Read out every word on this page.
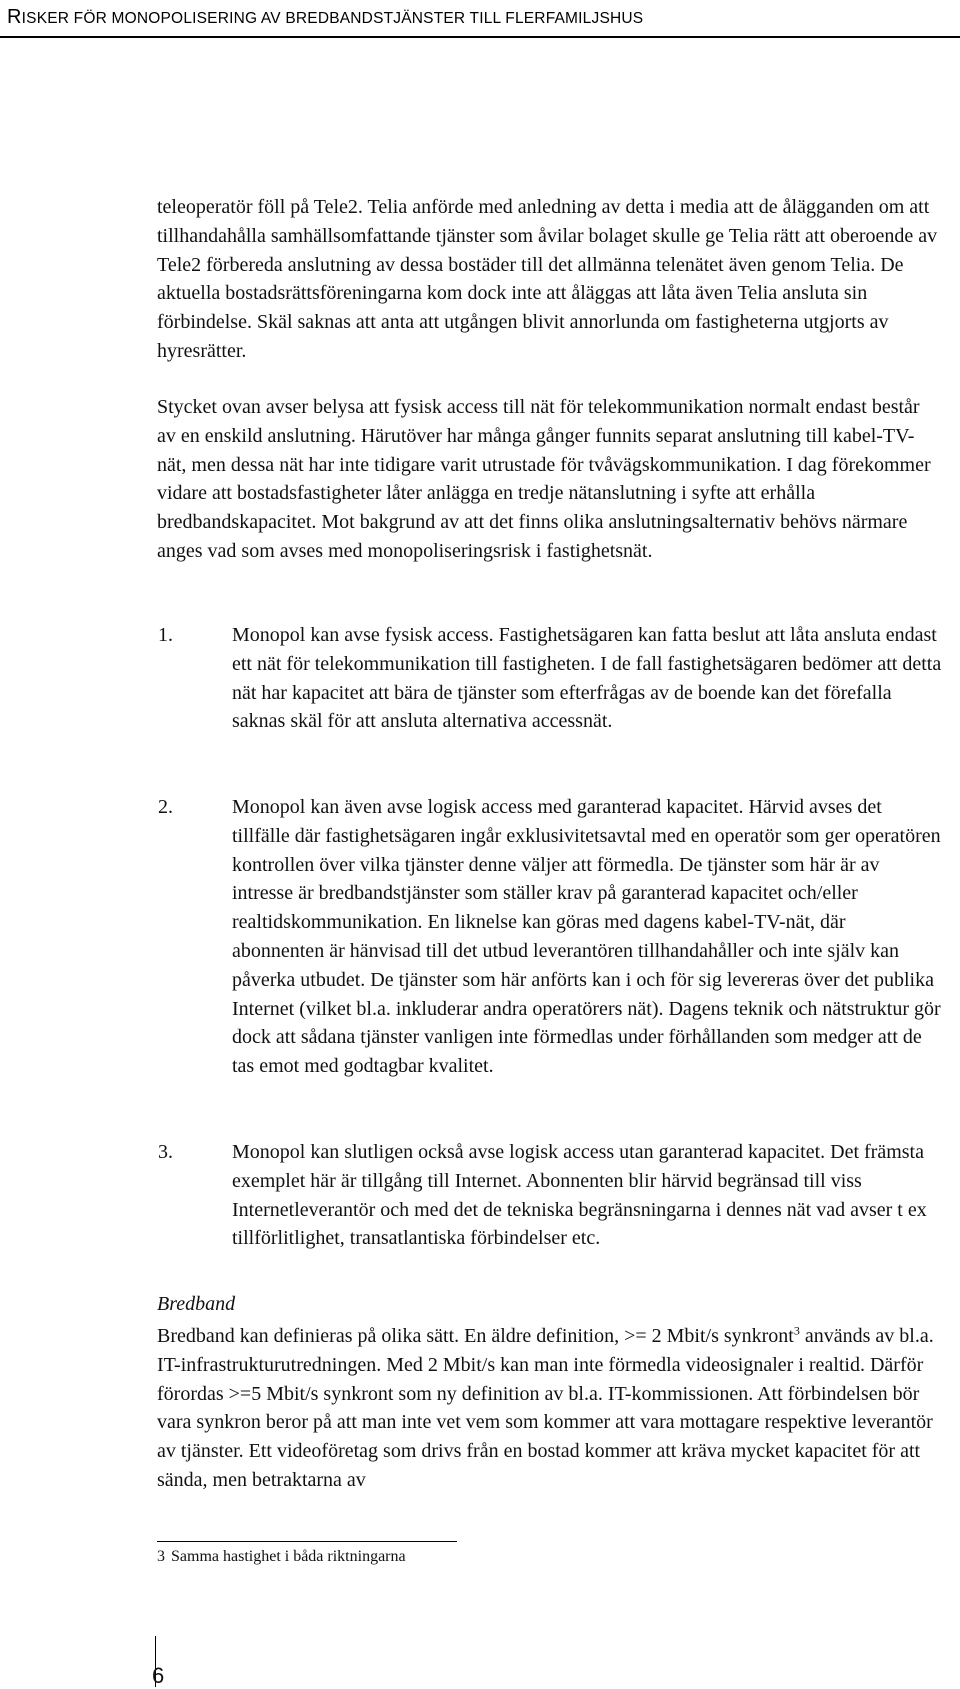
RISKER FÖR MONOPOLISERING AV BREDBANDSTJÄNSTER TILL FLERFAMILJSHUS

teleoperatör föll på Tele2. Telia anförde med anledning av detta i media att de ålägganden om att tillhandahålla samhällsomfattande tjänster som åvilar bolaget skulle ge Telia rätt att oberoende av Tele2 förbereda anslutning av dessa bostäder till det allmänna telenätet även genom Telia. De aktuella bostadsrättsföreningarna kom dock inte att åläggas att låta även Telia ansluta sin förbindelse. Skäl saknas att anta att utgången blivit annorlunda om fastigheterna utgjorts av hyresrätter.

Stycket ovan avser belysa att fysisk access till nät för telekommunikation normalt endast består av en enskild anslutning. Härutöver har många gånger funnits separat anslutning till kabel-TV-nät, men dessa nät har inte tidigare varit utrustade för tvåvägskommunikation. I dag förekommer vidare att bostadsfastigheter låter anlägga en tredje nätanslutning i syfte att erhålla bredbandskapacitet. Mot bakgrund av att det finns olika anslutningsalternativ behövs närmare anges vad som avses med monopoliseringsrisk i fastighetsnät.

1.	Monopol kan avse fysisk access. Fastighetsägaren kan fatta beslut att låta ansluta endast ett nät för telekommunikation till fastigheten. I de fall fastighetsägaren bedömer att detta nät har kapacitet att bära de tjänster som efterfrågas av de boende kan det förefalla saknas skäl för att ansluta alternativa accessnät.
2.	Monopol kan även avse logisk access med garanterad kapacitet. Härvid avses det tillfälle där fastighetsägaren ingår exklusivitetsavtal med en operatör som ger operatören kontrollen över vilka tjänster denne väljer att förmedla. De tjänster som här är av intresse är bredbandstjänster som ställer krav på garanterad kapacitet och/eller realtidskommunikation. En liknelse kan göras med dagens kabel-TV-nät, där abonnenten är hänvisad till det utbud leverantören tillhandahåller och inte själv kan påverka utbudet. De tjänster som här anförts kan i och för sig levereras över det publika Internet (vilket bl.a. inkluderar andra operatörers nät). Dagens teknik och nätstruktur gör dock att sådana tjänster vanligen inte förmedlas under förhållanden som medger att de tas emot med godtagbar kvalitet.
3.	Monopol kan slutligen också avse logisk access utan garanterad kapacitet. Det främsta exemplet här är tillgång till Internet. Abonnenten blir härvid begränsad till viss Internetleverantör och med det de tekniska begränsningarna i dennes nät vad avser t ex tillförlitlighet, transatlantiska förbindelser etc.
Bredband

Bredband kan definieras på olika sätt. En äldre definition, >= 2 Mbit/s synkront$^3$ används av bl.a. IT-infrastrukturutredningen. Med 2 Mbit/s kan man inte förmedla videosignaler i realtid. Därför förordas >=5 Mbit/s synkront som ny definition av bl.a. IT-kommissionen. Att förbindelsen bör vara synkron beror på att man inte vet vem som kommer att vara mottagare respektive leverantör av tjänster. Ett videoföretag som drivs från en bostad kommer att kräva mycket kapacitet för att sända, men betraktarna av

3 Samma hastighet i båda riktningarna
6
